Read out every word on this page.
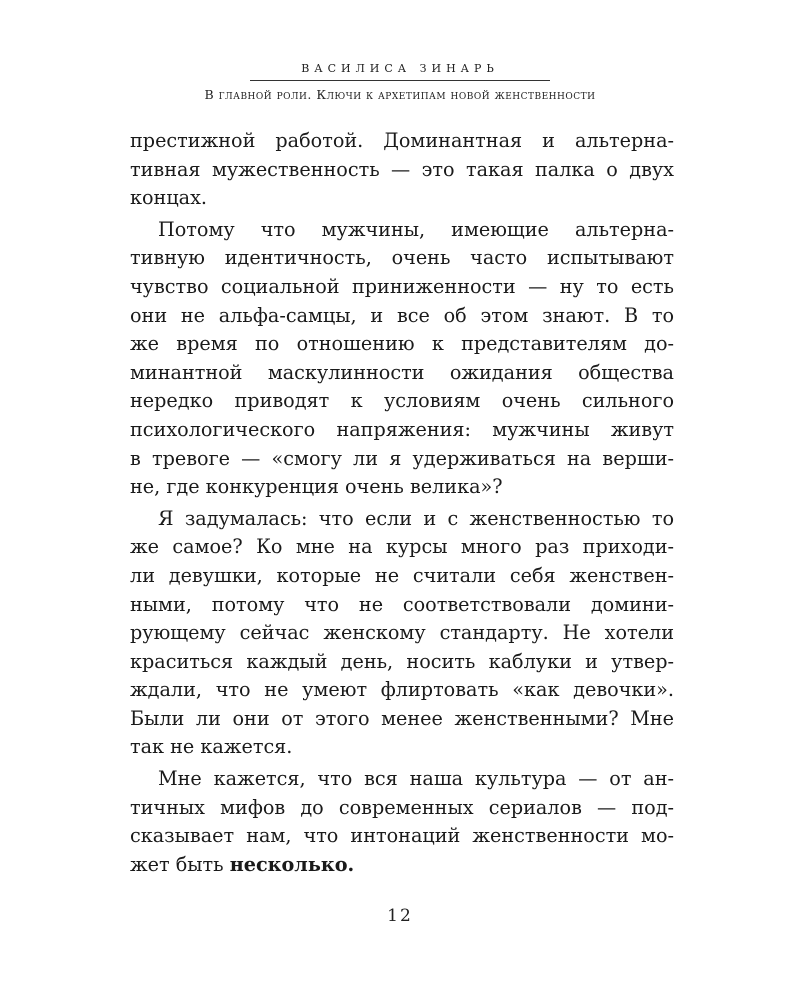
ВАСИЛИСА ЗИНАРЬ
В главной роли. Ключи к архетипам новой женственности
престижной работой. Доминантная и альтерна-
тивная мужественность — это такая палка о двух
концах.
Потому что мужчины, имеющие альтерна-
тивную идентичность, очень часто испытывают
чувство социальной приниженности — ну то есть
они не альфа-самцы, и все об этом знают. В то
же время по отношению к представителям до-
минантной маскулинности ожидания общества
нередко приводят к условиям очень сильного
психологического напряжения: мужчины живут
в тревоге — «смогу ли я удерживаться на верши-
не, где конкуренция очень велика»?
Я задумалась: что если и с женственностью то
же самое? Ко мне на курсы много раз приходи-
ли девушки, которые не считали себя женствен-
ными, потому что не соответствовали домини-
рующему сейчас женскому стандарту. Не хотели
краситься каждый день, носить каблуки и утвер-
ждали, что не умеют флиртовать «как девочки».
Были ли они от этого менее женственными? Мне
так не кажется.
Мне кажется, что вся наша культура — от ан-
тичных мифов до современных сериалов — под-
сказывает нам, что интонаций женственности мо-
жет быть несколько.
12
